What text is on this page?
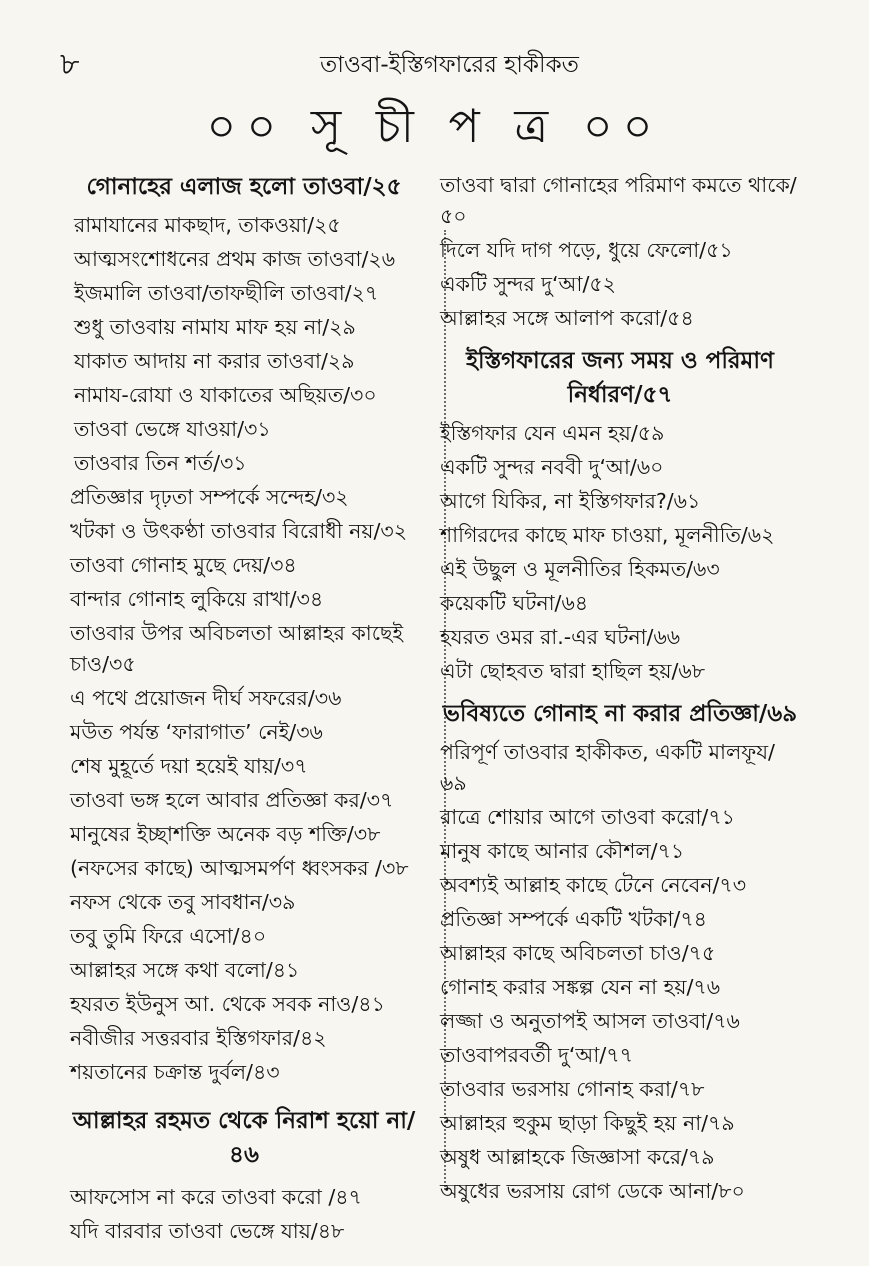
৮	তাওবা-ইস্তিগফারের হাকীকত
০০ সূ চী প ত্র ০০
গোনাহের এলাজ হলো তাওবা/২৫
রামাযানের মাকছাদ, তাকওয়া/২৫
আত্মসংশোধনের প্রথম কাজ তাওবা/২৬
ইজমালি তাওবা/তাফছীলি তাওবা/২৭
শুধু তাওবায় নামায মাফ হয় না/২৯
যাকাত আদায় না করার তাওবা/২৯
নামায-রোযা ও যাকাতের অছিয়ত/৩০
তাওবা ভেঙ্গে যাওয়া/৩১
তাওবার তিন শর্ত/৩১
প্রতিজ্ঞার দৃঢ়তা সম্পর্কে সন্দেহ/৩২
খটকা ও উৎকণ্ঠা তাওবার বিরোধী নয়/৩২
তাওবা গোনাহ মুছে দেয়/৩৪
বান্দার গোনাহ লুকিয়ে রাখা/৩৪
তাওবার উপর অবিচলতা আল্লাহর কাছেই চাও/৩৫
এ পথে প্রয়োজন দীর্ঘ সফরের/৩৬
মউত পর্যন্ত ‘ফারাগাত’ নেই/৩৬
শেষ মুহূর্তে দয়া হয়েই যায়/৩৭
তাওবা ভঙ্গ হলে আবার প্রতিজ্ঞা কর/৩৭
মানুষের ইচ্ছাশক্তি অনেক বড় শক্তি/৩৮
(নফসের কাছে) আত্মসমর্পণ ধ্বংসকর /৩৮
নফস থেকে তবু সাবধান/৩৯
তবু তুমি ফিরে এসো/৪০
আল্লাহর সঙ্গে কথা বলো/৪১
হযরত ইউনুস আ. থেকে সবক নাও/৪১
নবীজীর সত্তরবার ইস্তিগফার/৪২
শয়তানের চক্রান্ত দুর্বল/৪৩
আল্লাহর রহমত থেকে নিরাশ হয়ো না/৪৬
আফসোস না করে তাওবা করো /৪৭
যদি বারবার তাওবা ভেঙ্গে যায়/৪৮
তাওবা দ্বারা গোনাহের পরিমাণ কমতে থাকে/৫০
দিলে যদি দাগ পড়ে, ধুয়ে ফেলো/৫১
একটি সুন্দর দু‘আ/৫২
আল্লাহর সঙ্গে আলাপ করো/৫৪
ইস্তিগফারের জন্য সময় ও পরিমাণ নির্ধারণ/৫৭
ইস্তিগফার যেন এমন হয়/৫৯
একটি সুন্দর নববী দু‘আ/৬০
আগে যিকির, না ইস্তিগফার?/৬১
শাগিরদের কাছে মাফ চাওয়া, মূলনীতি/৬২
এই উছুল ও মূলনীতির হিকমত/৬৩
কয়েকটি ঘটনা/৬৪
হযরত ওমর রা.-এর ঘটনা/৬৬
এটা ছোহবত দ্বারা হাছিল হয়/৬৮
ভবিষ্যতে গোনাহ না করার প্রতিজ্ঞা/৬৯
পরিপূর্ণ তাওবার হাকীকত, একটি মালফূয/৬৯
রাত্রে শোয়ার আগে তাওবা করো/৭১
মানুষ কাছে আনার কৌশল/৭১
অবশ্যই আল্লাহ কাছে টেনে নেবেন/৭৩
প্রতিজ্ঞা সম্পর্কে একটি খটকা/৭৪
আল্লাহর কাছে অবিচলতা চাও/৭৫
গোনাহ করার সঙ্কল্প যেন না হয়/৭৬
লজ্জা ও অনুতাপই আসল তাওবা/৭৬
তাওবাপরবর্তী দু‘আ/৭৭
তাওবার ভরসায় গোনাহ করা/৭৮
আল্লাহর হুকুম ছাড়া কিছুই হয় না/৭৯
অষুধ আল্লাহকে জিজ্ঞাসা করে/৭৯
অষুধের ভরসায় রোগ ডেকে আনা/৮০
